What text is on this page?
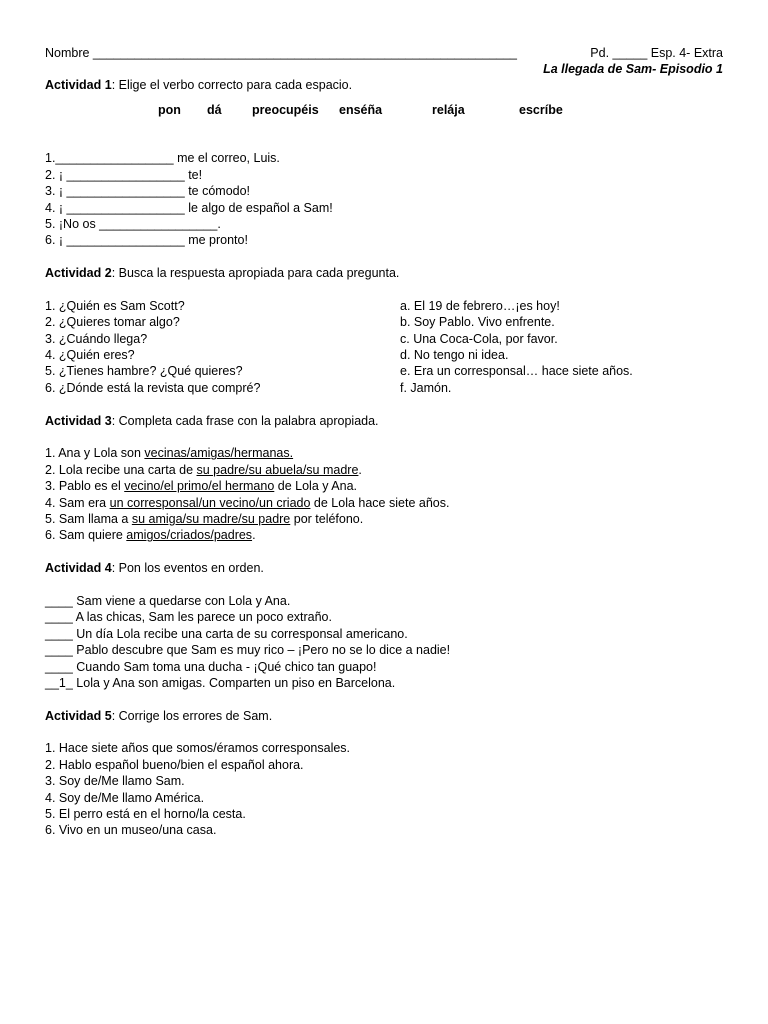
Nombre _____________________________________________________________	Pd. _____ Esp. 4- Extra
La llegada de Sam- Episodio 1
Actividad 1: Elige el verbo correcto para cada espacio.
pon dá preocupéis enséña	relája	escríbe
1._________________ me el correo, Luis.
2. ¡ _________________ te!
3. ¡ _________________ te cómodo!
4. ¡ _________________ le algo de español a Sam!
5. ¡No os _________________.
6. ¡ _________________ me pronto!
Actividad 2: Busca la respuesta apropiada para cada pregunta.
1. ¿Quién es Sam Scott?	a. El 19 de febrero…¡es hoy!
2. ¿Quieres tomar algo?	b. Soy Pablo. Vivo enfrente.
3. ¿Cuándo llega?	c. Una Coca-Cola, por favor.
4. ¿Quién eres?	d. No tengo ni idea.
5. ¿Tienes hambre? ¿Qué quieres?	e. Era un corresponsal… hace siete años.
6. ¿Dónde está la revista que compré?	f. Jamón.
Actividad 3: Completa cada frase con la palabra apropiada.
1. Ana y Lola son vecinas/amigas/hermanas.
2. Lola recibe una carta de su padre/su abuela/su madre.
3. Pablo es el vecino/el primo/el hermano de Lola y Ana.
4. Sam era un corresponsal/un vecino/un criado de Lola hace siete años.
5. Sam llama a su amiga/su madre/su padre por teléfono.
6. Sam quiere amigos/criados/padres.
Actividad 4: Pon los eventos en orden.
____ Sam viene a quedarse con Lola y Ana.
____ A las chicas, Sam les parece un poco extraño.
____ Un día Lola recibe una carta de su corresponsal americano.
____ Pablo descubre que Sam es muy rico – ¡Pero no se lo dice a nadie!
____ Cuando Sam toma una ducha - ¡Qué chico tan guapo!
__1_ Lola y Ana son amigas. Comparten un piso en Barcelona.
Actividad 5: Corrige los errores de Sam.
1. Hace siete años que somos/éramos corresponsales.
2. Hablo español bueno/bien el español ahora.
3. Soy de/Me llamo Sam.
4. Soy de/Me llamo América.
5. El perro está en el horno/la cesta.
6. Vivo en un museo/una casa.
